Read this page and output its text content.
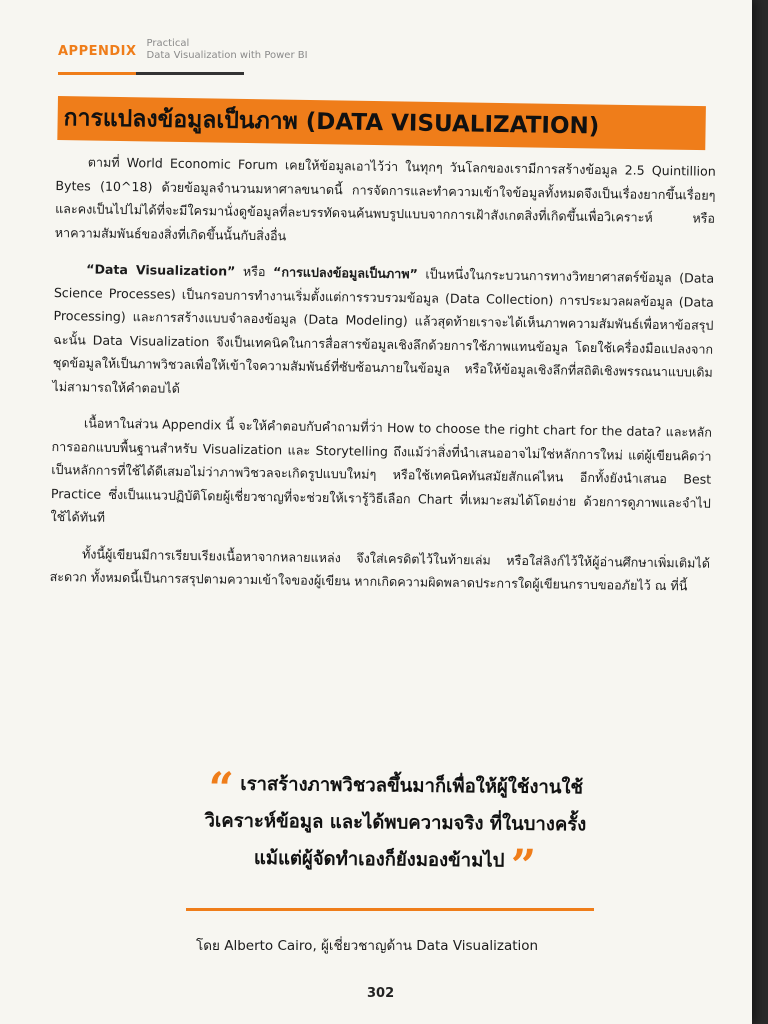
APPENDIX
Practical
Data Visualization with Power BI
การแปลงข้อมูลเป็นภาพ (DATA VISUALIZATION)

ตามที่ World Economic Forum เคยให้ข้อมูลเอาไว้ว่า ในทุกๆ วันโลกของเรามีการสร้างข้อมูล 2.5 Quintillion Bytes (10^18) ด้วยข้อมูลจำนวนมหาศาลขนาดนี้ การจัดการและทำความเข้าใจข้อมูลทั้งหมดจึงเป็นเรื่องยากขึ้นเรื่อยๆ และคงเป็นไปไม่ได้ที่จะมีใครมานั่งดูข้อมูลที่ละบรรทัดจนค้นพบรูปแบบจากการเฝ้าสังเกตสิ่งที่เกิดขึ้นเพื่อวิเคราะห์ หรือหาความสัมพันธ์ของสิ่งที่เกิดขึ้นนั้นกับสิ่งอื่น

“Data Visualization” หรือ “การแปลงข้อมูลเป็นภาพ” เป็นหนึ่งในกระบวนการทางวิทยาศาสตร์ข้อมูล (Data Science Processes) เป็นกรอบการทำงานเริ่มตั้งแต่การรวบรวมข้อมูล (Data Collection) การประมวลผลข้อมูล (Data Processing) และการสร้างแบบจำลองข้อมูล (Data Modeling) แล้วสุดท้ายเราจะได้เห็นภาพความสัมพันธ์เพื่อหาข้อสรุป ฉะนั้น Data Visualization จึงเป็นเทคนิคในการสื่อสารข้อมูลเชิงลึกด้วยการใช้ภาพแทนข้อมูล โดยใช้เครื่องมือแปลงจากชุดข้อมูลให้เป็นภาพวิชวลเพื่อให้เข้าใจความสัมพันธ์ที่ซับซ้อนภายในข้อมูล หรือให้ข้อมูลเชิงลึกที่สถิติเชิงพรรณนาแบบเดิมไม่สามารถให้คำตอบได้

เนื้อหาในส่วน Appendix นี้ จะให้คำตอบกับคำถามที่ว่า How to choose the right chart for the data? และหลักการออกแบบพื้นฐานสำหรับ Visualization และ Storytelling ถึงแม้ว่าสิ่งที่นำเสนออาจไม่ใช่หลักการใหม่ แต่ผู้เขียนคิดว่าเป็นหลักการที่ใช้ได้ดีเสมอไม่ว่าภาพวิชวลจะเกิดรูปแบบใหม่ๆ หรือใช้เทคนิคทันสมัยสักแค่ไหน อีกทั้งยังนำเสนอ Best Practice ซึ่งเป็นแนวปฏิบัติโดยผู้เชี่ยวชาญที่จะช่วยให้เรารู้วิธีเลือก Chart ที่เหมาะสมได้โดยง่าย ด้วยการดูภาพและจำไปใช้ได้ทันที

ทั้งนี้ผู้เขียนมีการเรียบเรียงเนื้อหาจากหลายแหล่ง จึงใส่เครดิตไว้ในท้ายเล่ม หรือใส่ลิงก์ไว้ให้ผู้อ่านศึกษาเพิ่มเติมได้สะดวก ทั้งหมดนี้เป็นการสรุปตามความเข้าใจของผู้เขียน หากเกิดความผิดพลาดประการใดผู้เขียนกราบขออภัยไว้ ณ ที่นี้

“ เราสร้างภาพวิชวลขึ้นมาก็เพื่อให้ผู้ใช้งานใช้
วิเคราะห์ข้อมูล และได้พบความจริง ที่ในบางครั้ง
แม้แต่ผู้จัดทำเองก็ยังมองข้ามไป ”
โดย Alberto Cairo, ผู้เชี่ยวชาญด้าน Data Visualization
302
